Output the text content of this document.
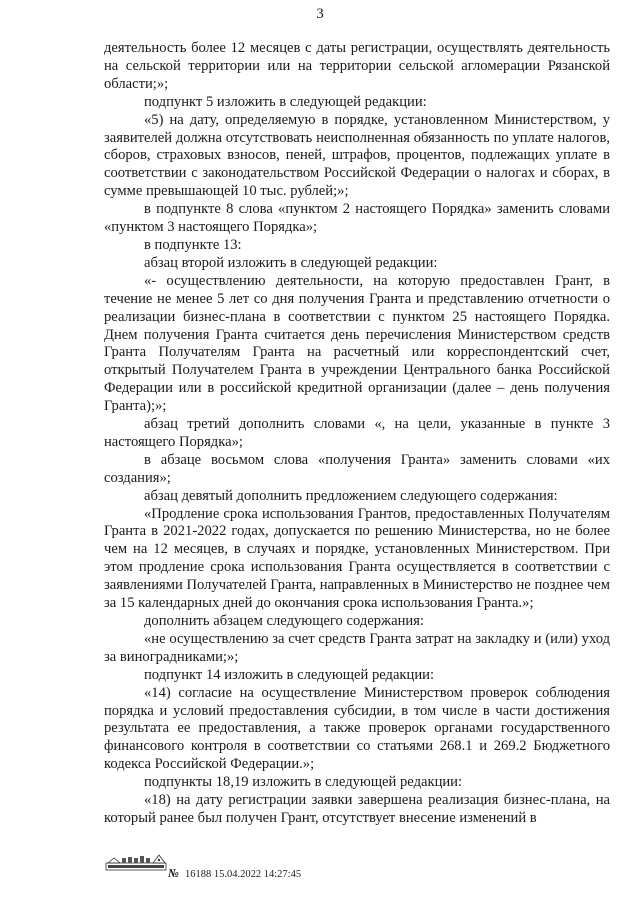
3

деятельность более 12 месяцев с даты регистрации, осуществлять деятельность на сельской территории или на территории сельской агломерации Рязанской области;»;

подпункт 5 изложить в следующей редакции:

«5) на дату, определяемую в порядке, установленном Министерством, у заявителей должна отсутствовать неисполненная обязанность по уплате налогов, сборов, страховых взносов, пеней, штрафов, процентов, подлежащих уплате в соответствии с законодательством Российской Федерации о налогах и сборах, в сумме превышающей 10 тыс. рублей;»;

в подпункте 8 слова «пунктом 2 настоящего Порядка» заменить словами «пунктом 3 настоящего Порядка»;

в подпункте 13:

абзац второй изложить в следующей редакции:

«- осуществлению деятельности, на которую предоставлен Грант, в течение не менее 5 лет со дня получения Гранта и представлению отчетности о реализации бизнес-плана в соответствии с пунктом 25 настоящего Порядка. Днем получения Гранта считается день перечисления Министерством средств Гранта Получателям Гранта на расчетный или корреспондентский счет, открытый Получателем Гранта в учреждении Центрального банка Российской Федерации или в российской кредитной организации (далее – день получения Гранта);»;

абзац третий дополнить словами «, на цели, указанные в пункте 3 настоящего Порядка»;

в абзаце восьмом слова «получения Гранта» заменить словами «их создания»;

абзац девятый дополнить предложением следующего содержания:

«Продление срока использования Грантов, предоставленных Получателям Гранта в 2021-2022 годах, допускается по решению Министерства, но не более чем на 12 месяцев, в случаях и порядке, установленных Министерством. При этом продление срока использования Гранта осуществляется в соответствии с заявлениями Получателей Гранта, направленных в Министерство не позднее чем за 15 календарных дней до окончания срока использования Гранта.»;

дополнить абзацем следующего содержания:

«не осуществлению за счет средств Гранта затрат на закладку и (или) уход за виноградниками;»;

подпункт 14 изложить в следующей редакции:

«14) согласие на осуществление Министерством проверок соблюдения порядка и условий предоставления субсидии, в том числе в части достижения результата ее предоставления, а также проверок органами государственного финансового контроля в соответствии со статьями 268.1 и 269.2 Бюджетного кодекса Российской Федерации.»;

подпункты 18,19 изложить в следующей редакции:

«18) на дату регистрации заявки завершена реализация бизнес-плана, на который ранее был получен Грант, отсутствует внесение изменений в

№ 16188 15.04.2022 14:27:45
